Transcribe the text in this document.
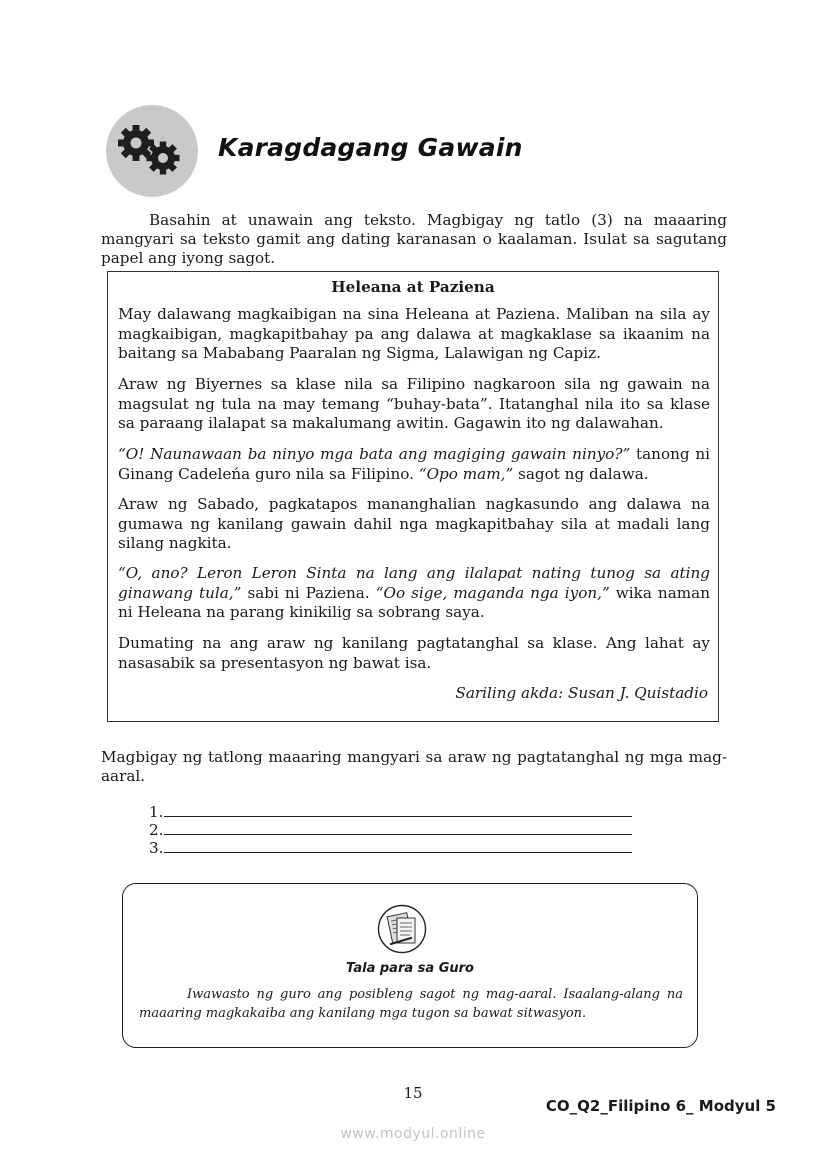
Karagdagang Gawain
Basahin at unawain ang teksto. Magbigay ng tatlo (3) na maaaring mangyari sa teksto gamit ang dating karanasan o kaalaman. Isulat sa sagutang papel ang iyong sagot.
Heleana at Paziena
May dalawang magkaibigan na sina Heleana at Paziena. Maliban na sila ay magkaibigan, magkapitbahay pa ang dalawa at magkaklase sa ikaanim na baitang sa Mababang Paaralan ng Sigma, Lalawigan ng Capiz.
Araw ng Biyernes sa klase nila sa Filipino nagkaroon sila ng gawain na magsulat ng tula na may temang “buhay-bata”. Itatanghal nila ito sa klase sa paraang ilalapat sa makalumang awitin. Gagawin ito ng dalawahan.
“O! Naunawaan ba ninyo mga bata ang magiging gawain ninyo?” tanong ni Ginang Cadeleńa guro nila sa Filipino. “Opo mam,” sagot ng dalawa.
Araw ng Sabado, pagkatapos mananghalian nagkasundo ang dalawa na gumawa ng kanilang gawain dahil nga magkapitbahay sila at madali lang silang nagkita.
“O, ano? Leron Leron Sinta na lang ang ilalapat nating tunog sa ating ginawang tula,” sabi ni Paziena. “Oo sige, maganda nga iyon,” wika naman ni Heleana na parang kinikilig sa sobrang saya.
Dumating na ang araw ng kanilang pagtatanghal sa klase. Ang lahat ay nasasabik sa presentasyon ng bawat isa.
Sariling akda: Susan J. Quistadio
Magbigay ng tatlong maaaring mangyari sa araw ng pagtatanghal ng mga mag-aaral.
1.
2.
3.
Tala para sa Guro
Iwawasto ng guro ang posibleng sagot ng mag-aaral. Isaalang-alang na maaaring magkakaiba ang kanilang mga tugon sa bawat sitwasyon.
15
CO_Q2_Filipino 6_ Modyul 5
www.modyul.online
